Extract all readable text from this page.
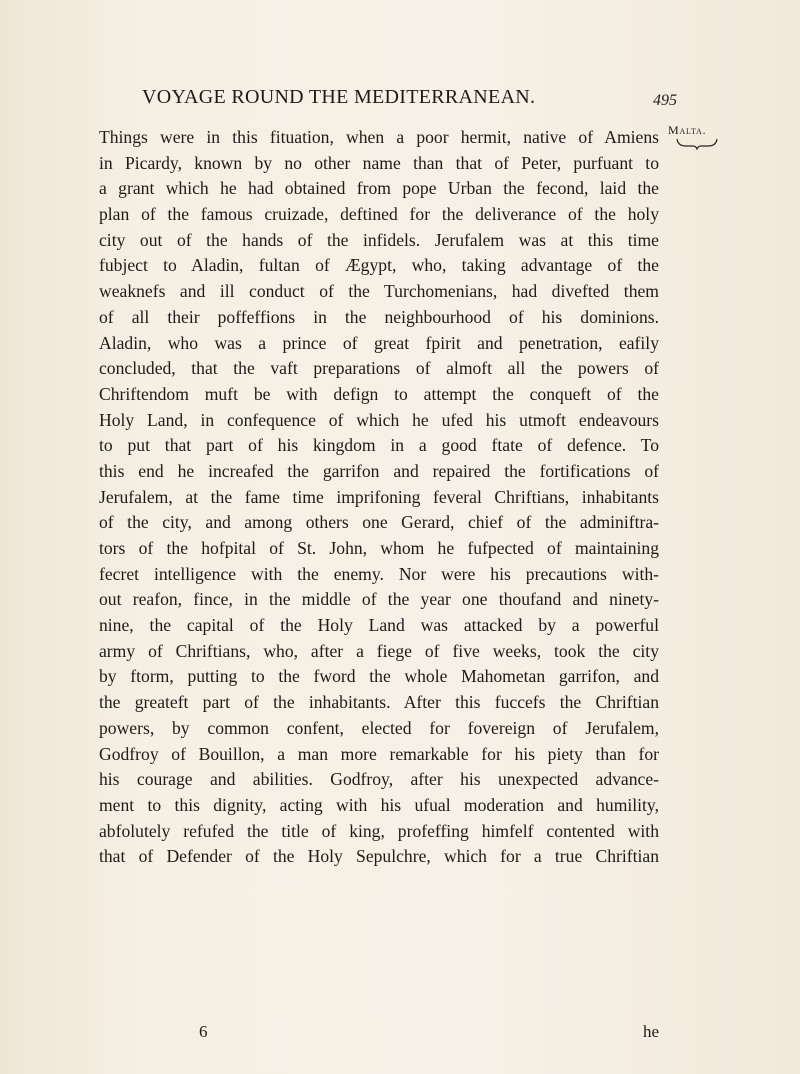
VOYAGE ROUND THE MEDITERRANEAN.	495
Malta.
Things were in this fituation, when a poor hermit, native of Amiens
in Picardy, known by no other name than that of Peter, purfuant to
a grant which he had obtained from pope Urban the fecond, laid the
plan of the famous cruizade, deftined for the deliverance of the holy
city out of the hands of the infidels. Jerufalem was at this time
fubject to Aladin, fultan of Ægypt, who, taking advantage of the
weaknefs and ill conduct of the Turchomenians, had divefted them
of all their poffeffions in the neighbourhood of his dominions.
Aladin, who was a prince of great fpirit and penetration, eafily
concluded, that the vaft preparations of almoft all the powers of
Chriftendom muft be with defign to attempt the conqueft of the
Holy Land, in confequence of which he ufed his utmoft endeavours
to put that part of his kingdom in a good ftate of defence. To
this end he increafed the garrifon and repaired the fortifications of
Jerufalem, at the fame time imprifoning feveral Chriftians, inhabitants
of the city, and among others one Gerard, chief of the adminiftra-
tors of the hofpital of St. John, whom he fufpected of maintaining
fecret intelligence with the enemy. Nor were his precautions with-
out reafon, fince, in the middle of the year one thoufand and ninety-
nine, the capital of the Holy Land was attacked by a powerful
army of Chriftians, who, after a fiege of five weeks, took the city
by ftorm, putting to the fword the whole Mahometan garrifon, and
the greateft part of the inhabitants. After this fuccefs the Chriftian
powers, by common confent, elected for fovereign of Jerufalem,
Godfroy of Bouillon, a man more remarkable for his piety than for
his courage and abilities. Godfroy, after his unexpected advance-
ment to this dignity, acting with his ufual moderation and humility,
abfolutely refufed the title of king, profeffing himfelf contented with
that of Defender of the Holy Sepulchre, which for a true Chriftian
6	he
